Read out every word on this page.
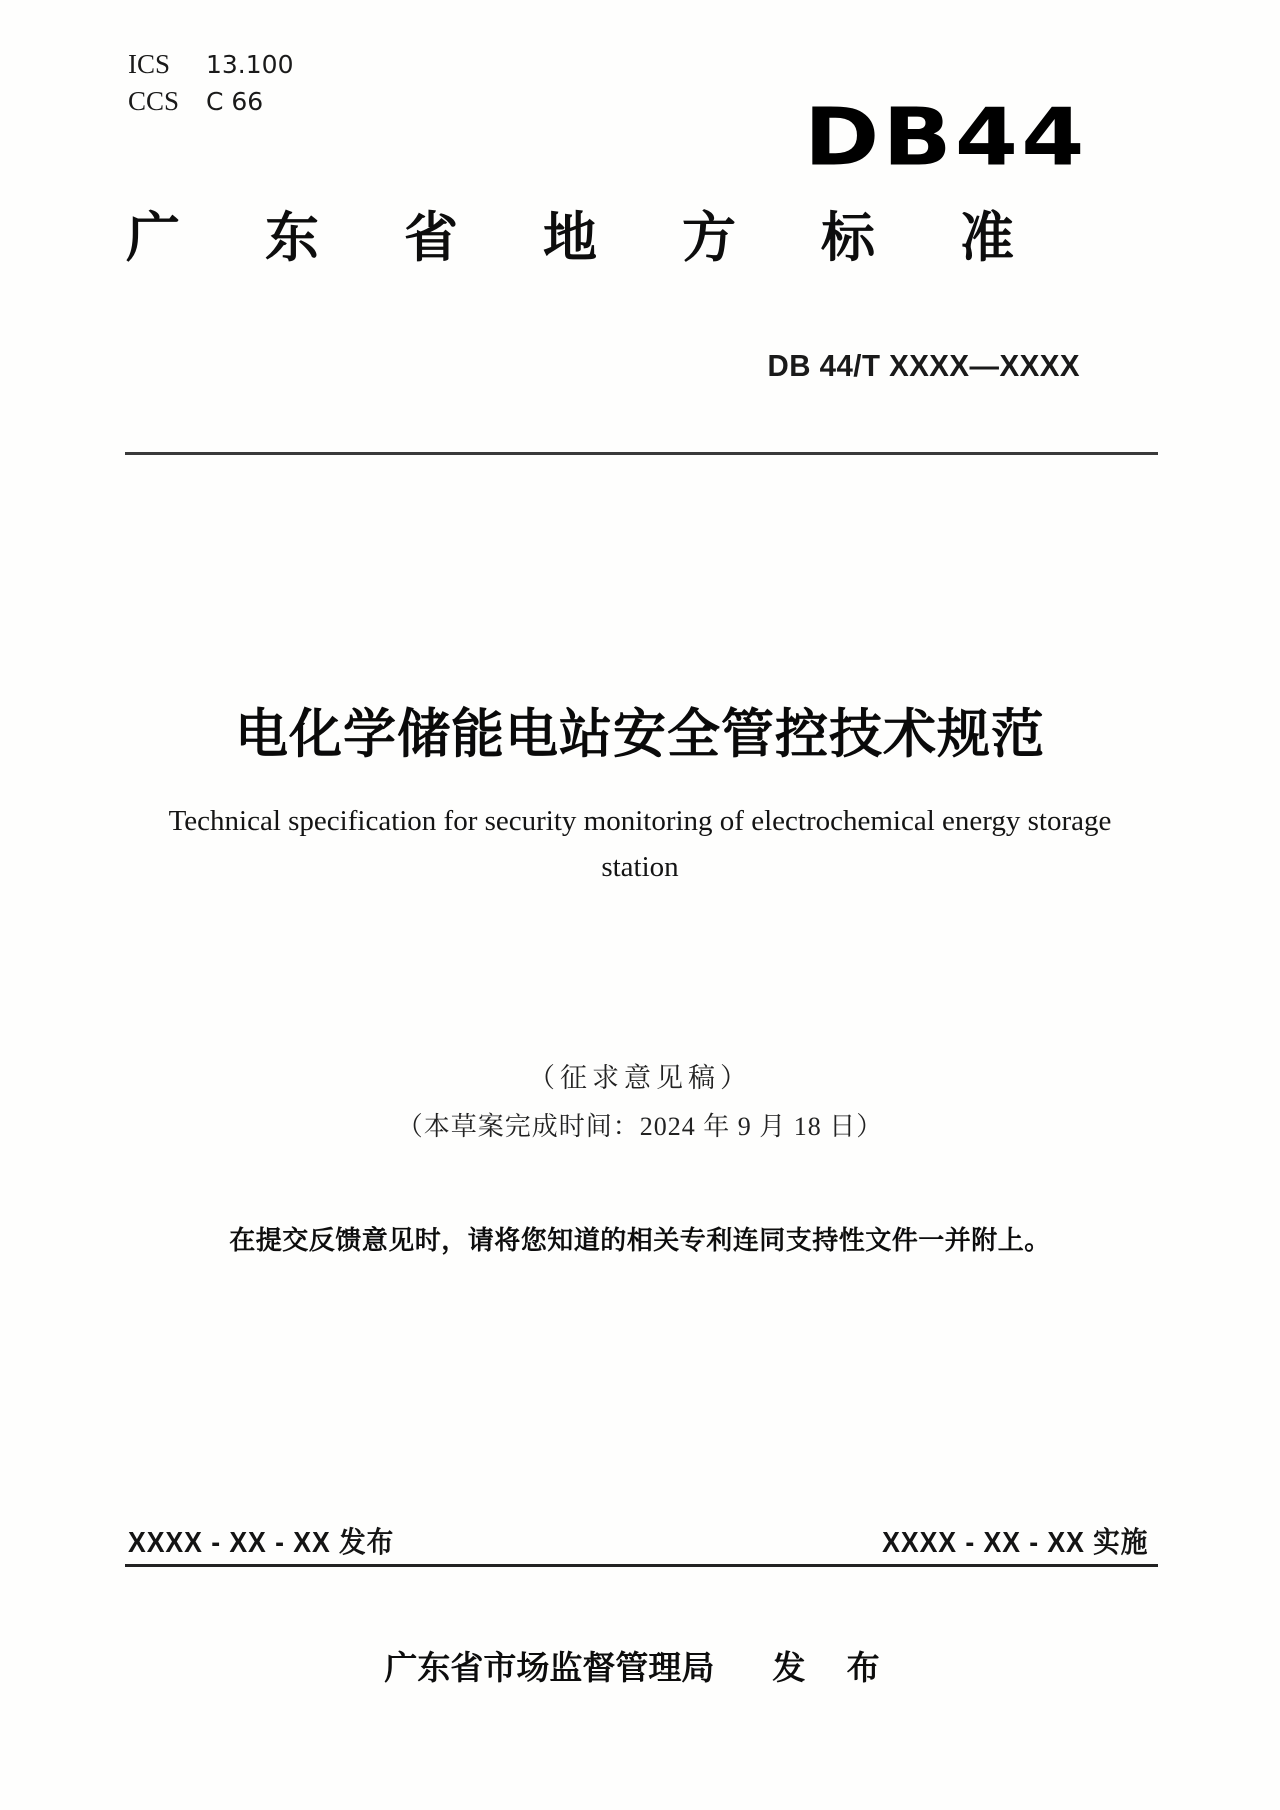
ICS 13.100
CCS C 66	DB44
广东省地方标准
DB 44/T XXXX—XXXX
电化学储能电站安全管控技术规范
Technical specification for security monitoring of electrochemical energy storage
station
（征求意见稿）
（本草案完成时间：2024 年 9 月 18 日）
在提交反馈意见时，请将您知道的相关专利连同支持性文件一并附上。
XXXX - XX - XX 发布	XXXX - XX - XX 实施
广东省市场监督管理局 发 布
